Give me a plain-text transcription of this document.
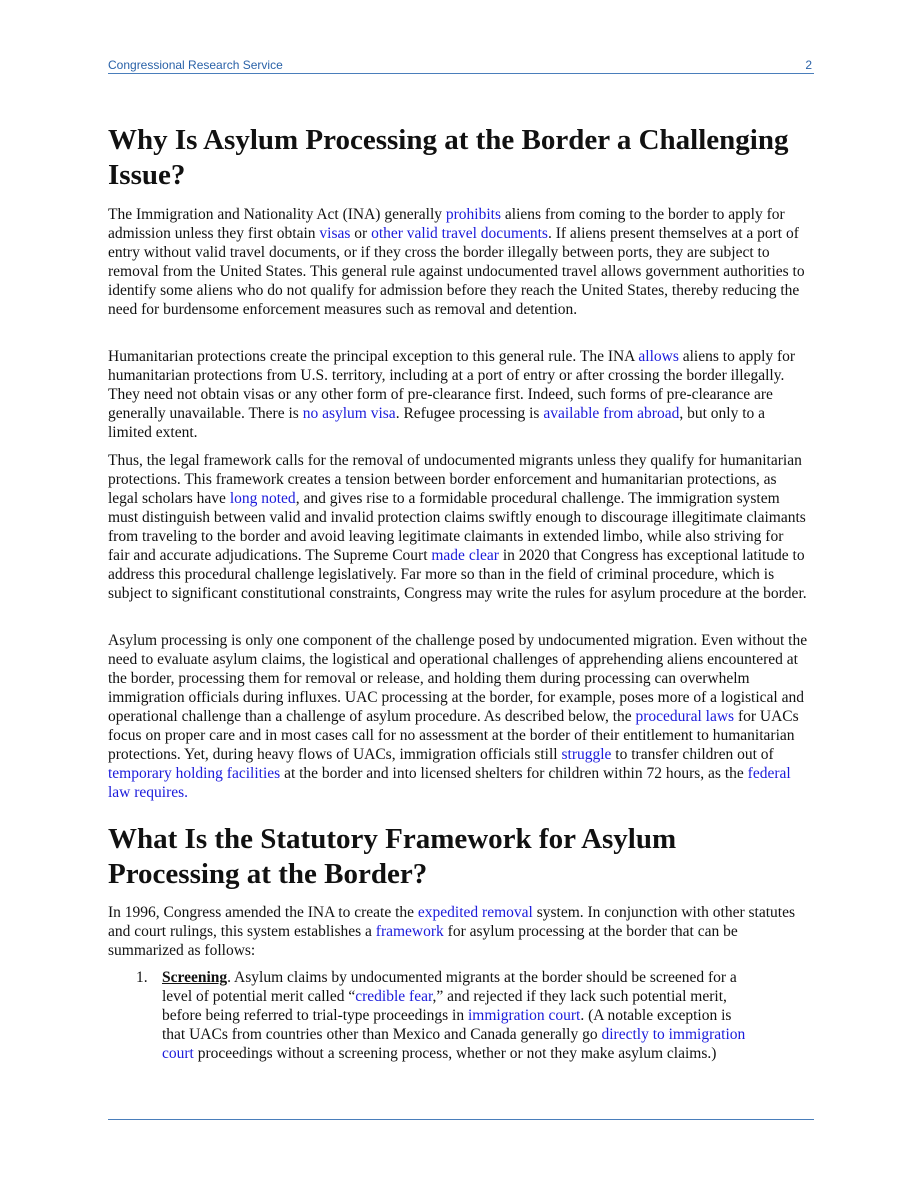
Congressional Research Service	2
Why Is Asylum Processing at the Border a Challenging Issue?

The Immigration and Nationality Act (INA) generally prohibits aliens from coming to the border to apply for admission unless they first obtain visas or other valid travel documents. If aliens present themselves at a port of entry without valid travel documents, or if they cross the border illegally between ports, they are subject to removal from the United States. This general rule against undocumented travel allows government authorities to identify some aliens who do not qualify for admission before they reach the United States, thereby reducing the need for burdensome enforcement measures such as removal and detention.

Humanitarian protections create the principal exception to this general rule. The INA allows aliens to apply for humanitarian protections from U.S. territory, including at a port of entry or after crossing the border illegally. They need not obtain visas or any other form of pre-clearance first. Indeed, such forms of pre-clearance are generally unavailable. There is no asylum visa. Refugee processing is available from abroad, but only to a limited extent.

Thus, the legal framework calls for the removal of undocumented migrants unless they qualify for humanitarian protections. This framework creates a tension between border enforcement and humanitarian protections, as legal scholars have long noted, and gives rise to a formidable procedural challenge. The immigration system must distinguish between valid and invalid protection claims swiftly enough to discourage illegitimate claimants from traveling to the border and avoid leaving legitimate claimants in extended limbo, while also striving for fair and accurate adjudications. The Supreme Court made clear in 2020 that Congress has exceptional latitude to address this procedural challenge legislatively. Far more so than in the field of criminal procedure, which is subject to significant constitutional constraints, Congress may write the rules for asylum procedure at the border.

Asylum processing is only one component of the challenge posed by undocumented migration. Even without the need to evaluate asylum claims, the logistical and operational challenges of apprehending aliens encountered at the border, processing them for removal or release, and holding them during processing can overwhelm immigration officials during influxes. UAC processing at the border, for example, poses more of a logistical and operational challenge than a challenge of asylum procedure. As described below, the procedural laws for UACs focus on proper care and in most cases call for no assessment at the border of their entitlement to humanitarian protections. Yet, during heavy flows of UACs, immigration officials still struggle to transfer children out of temporary holding facilities at the border and into licensed shelters for children within 72 hours, as the federal law requires.

What Is the Statutory Framework for Asylum Processing at the Border?

In 1996, Congress amended the INA to create the expedited removal system. In conjunction with other statutes and court rulings, this system establishes a framework for asylum processing at the border that can be summarized as follows:

1. Screening. Asylum claims by undocumented migrants at the border should be screened for a level of potential merit called “credible fear,” and rejected if they lack such potential merit, before being referred to trial-type proceedings in immigration court. (A notable exception is that UACs from countries other than Mexico and Canada generally go directly to immigration court proceedings without a screening process, whether or not they make asylum claims.)
